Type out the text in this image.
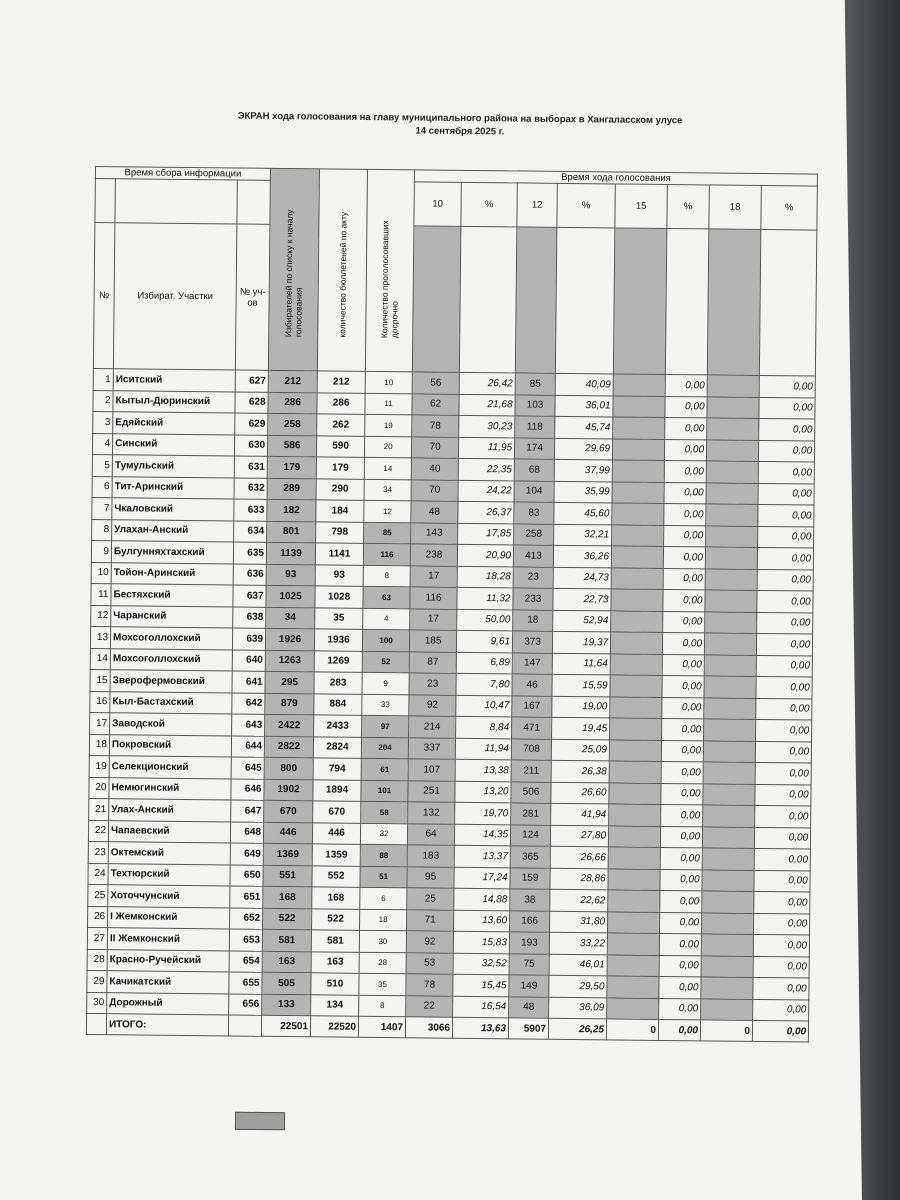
ЭКРАН хода голосования на главу муниципального района на выборах в Хангаласском улусе
14 сентября 2025 г.
Время сбора информации			Избирателей по списку к началу голосования	количество бюллетеней по акту	Количество проголосовавших досрочно	Время хода голосования							
						10	%	12	%	15	%	18	%
№	Избират. Участки	№ уч-ов											
1	Иситский	627	212	212	10	56	26,42	85	40,09		0,00		0,00
2	Кытыл-Дюринский	628	286	286	11	62	21,68	103	36,01		0,00		0,00
3	Едяйский	629	258	262	19	78	30,23	118	45,74		0,00		0,00
4	Синский	630	586	590	20	70	11,95	174	29,69		0,00		0,00
5	Тумульский	631	179	179	14	40	22,35	68	37,99		0,00		0,00
6	Тит-Аринский	632	289	290	34	70	24,22	104	35,99		0,00		0,00
7	Чкаловский	633	182	184	12	48	26,37	83	45,60		0,00		0,00
8	Улахан-Анский	634	801	798	85	143	17,85	258	32,21		0,00		0,00
9	Булгунняхтахский	635	1139	1141	116	238	20,90	413	36,26		0,00		0,00
10	Тойон-Аринский	636	93	93	8	17	18,28	23	24,73		0,00		0,00
11	Бестяхский	637	1025	1028	63	116	11,32	233	22,73		0,00		0,00
12	Чаранский	638	34	35	4	17	50,00	18	52,94		0,00		0,00
13	Мохсоголлохский	639	1926	1936	100	185	9,61	373	19,37		0,00		0,00
14	Мохсоголлохский	640	1263	1269	52	87	6,89	147	11,64		0,00		0,00
15	Зверофермовский	641	295	283	9	23	7,80	46	15,59		0,00		0,00
16	Кыл-Бастахский	642	879	884	33	92	10,47	167	19,00		0,00		0,00
17	Заводской	643	2422	2433	97	214	8,84	471	19,45		0,00		0,00
18	Покровский	644	2822	2824	204	337	11,94	708	25,09		0,00		0,00
19	Селекционский	645	800	794	61	107	13,38	211	26,38		0,00		0,00
20	Немюгинский	646	1902	1894	101	251	13,20	506	26,60		0,00		0,00
21	Улах-Анский	647	670	670	58	132	19,70	281	41,94		0,00		0,00
22	Чапаевский	648	446	446	32	64	14,35	124	27,80		0,00		0,00
23	Октемский	649	1369	1359	88	183	13,37	365	26,66		0,00		0,00
24	Техтюрский	650	551	552	51	95	17,24	159	28,86		0,00		0,00
25	Хоточчунский	651	168	168	6	25	14,88	38	22,62		0,00		0,00
26	I Жемконский	652	522	522	18	71	13,60	166	31,80		0,00		0,00
27	II Жемконский	653	581	581	30	92	15,83	193	33,22		0,00		0,00
28	Красно-Ручейский	654	163	163	28	53	32,52	75	46,01		0,00		0,00
29	Качикатский	655	505	510	35	78	15,45	149	29,50		0,00		0,00
30	Дорожный	656	133	134	8	22	16,54	48	36,09		0,00		0,00
	ИТОГО:		22501	22520	1407	3066	13,63	5907	26,25	0	0,00	0	0,00
